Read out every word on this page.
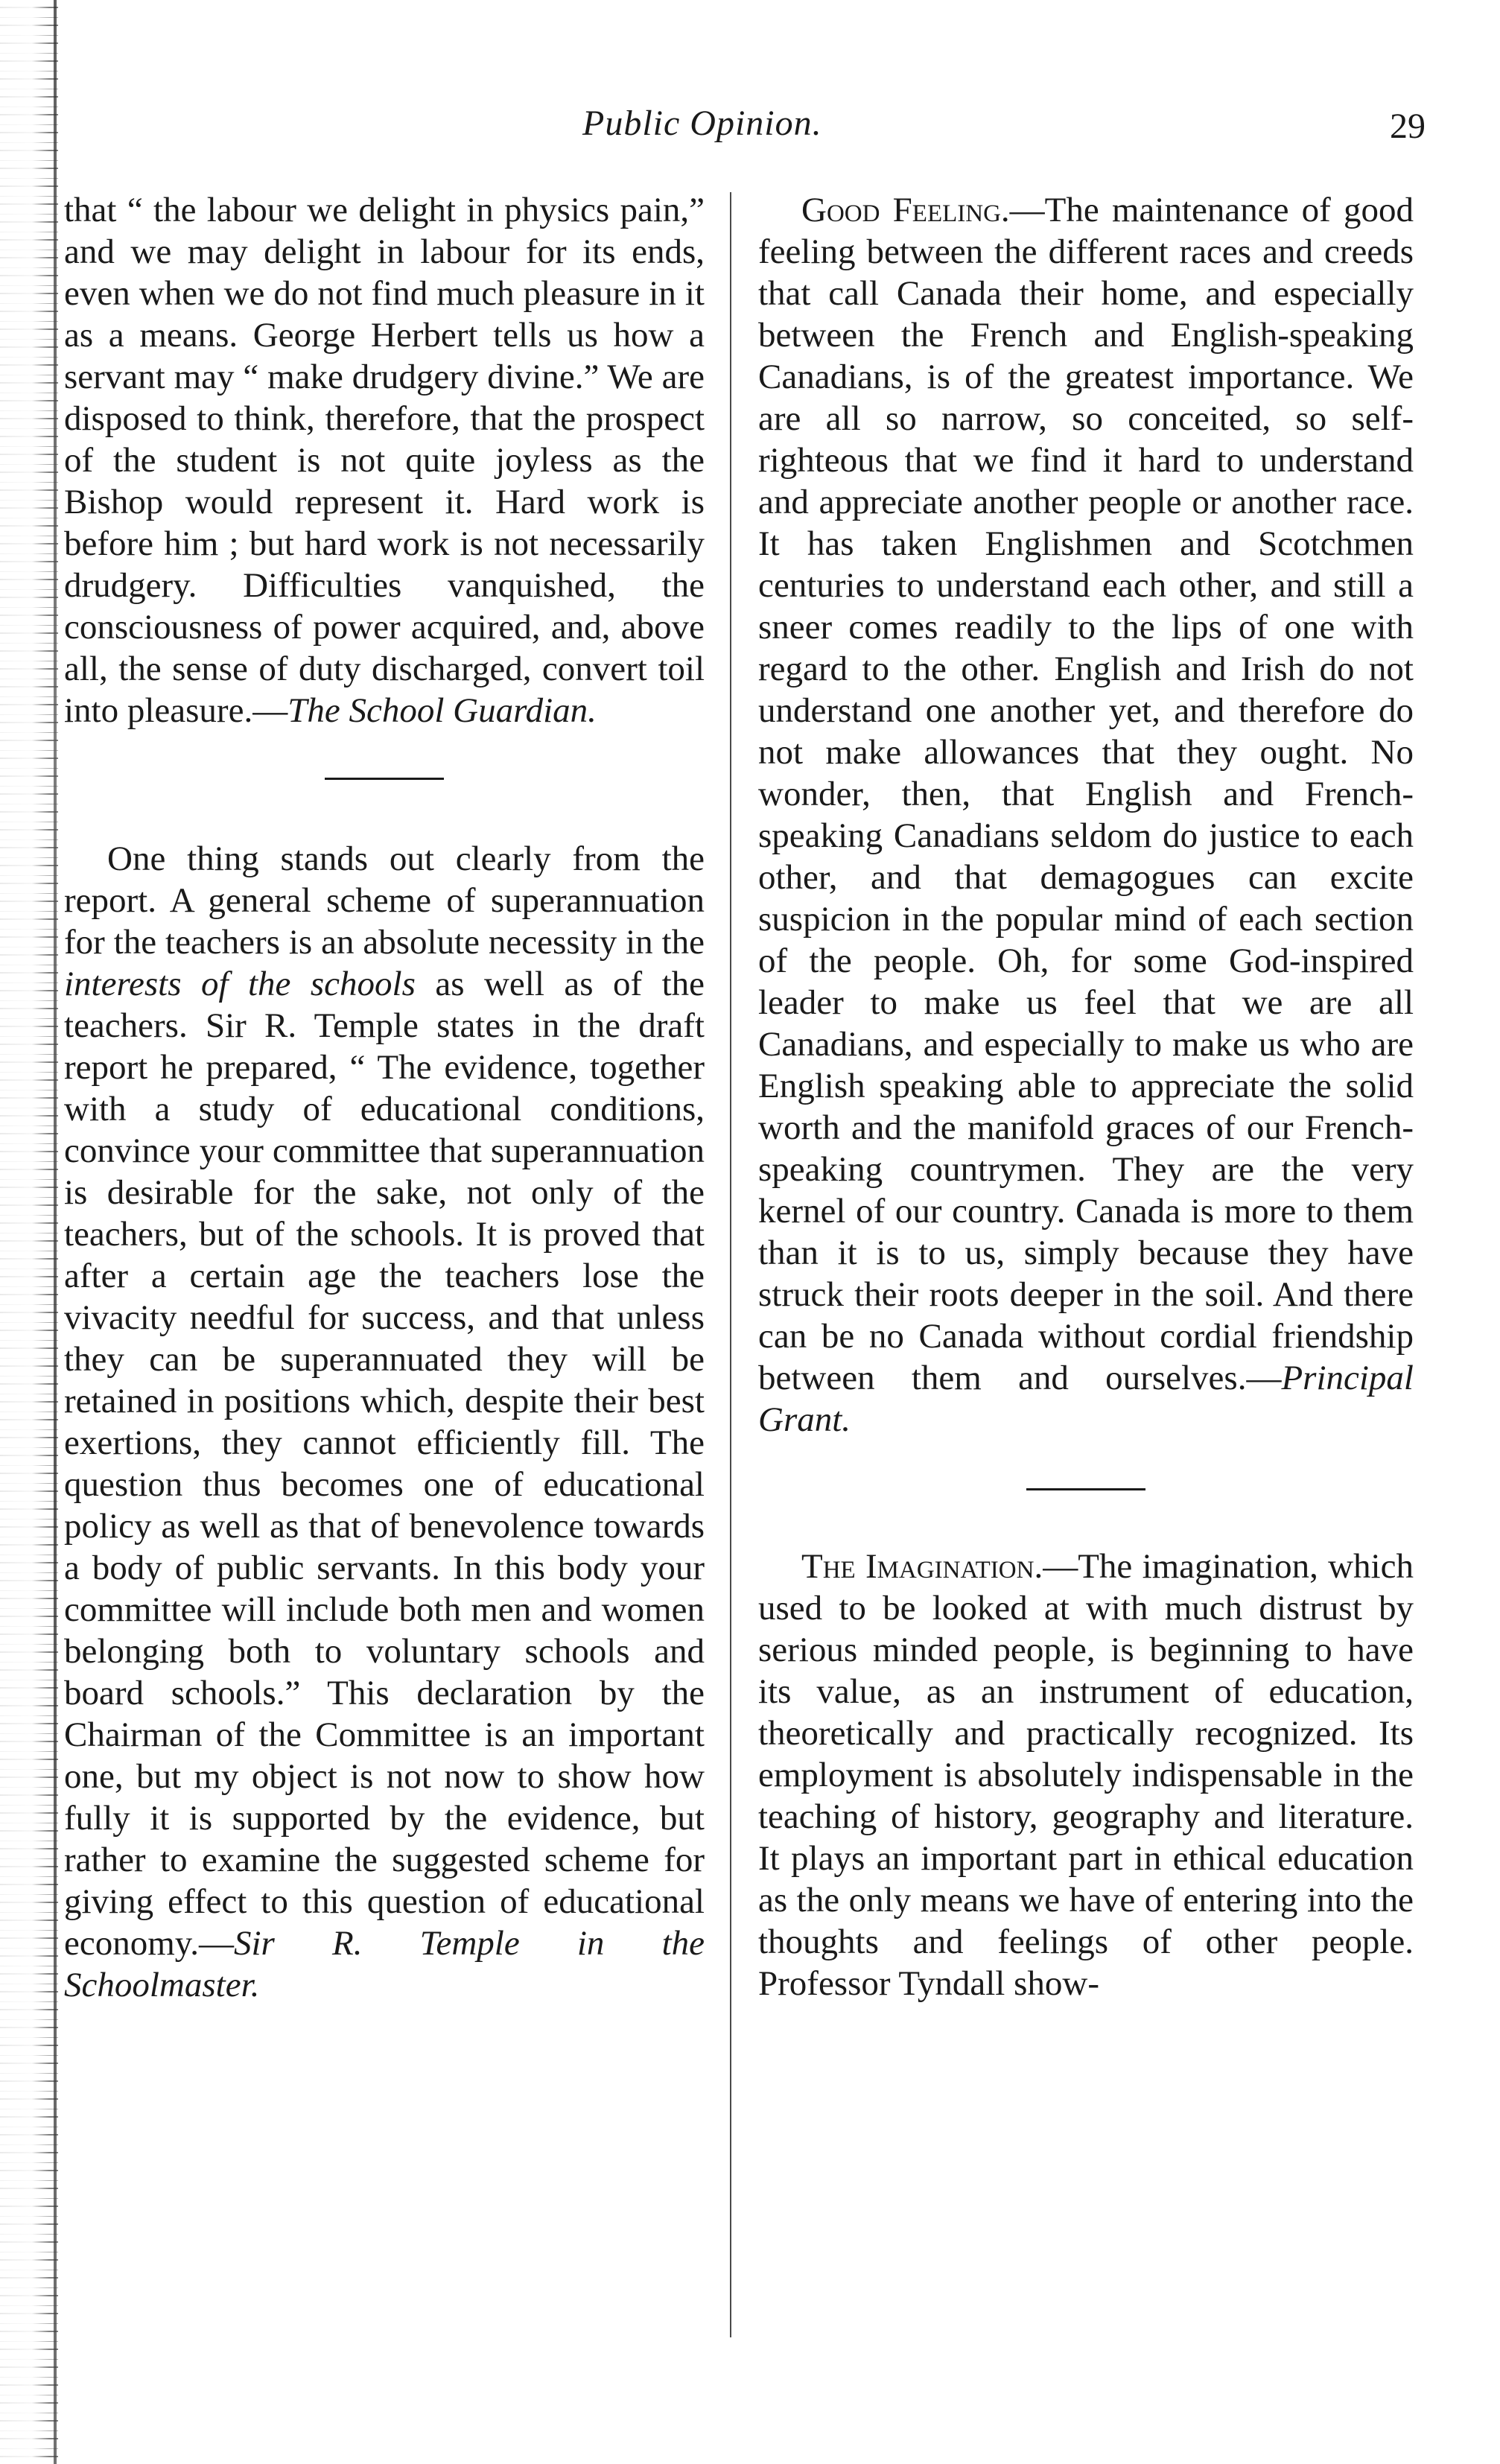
Public Opinion.	29

that “ the labour we delight in physics pain,” and we may delight in labour for its ends, even when we do not find much pleasure in it as a means. George Herbert tells us how a servant may “ make drudgery divine.” We are disposed to think, therefore, that the prospect of the student is not quite joyless as the Bishop would represent it. Hard work is before him ; but hard work is not necessarily drudgery. Difficulties vanquished, the consciousness of power acquired, and, above all, the sense of duty discharged, convert toil into pleasure.—The School Guardian.

One thing stands out clearly from the report. A general scheme of superannuation for the teachers is an absolute necessity in the interests of the schools as well as of the teachers. Sir R. Temple states in the draft report he prepared, “ The evidence, together with a study of educational conditions, convince your committee that superannuation is desirable for the sake, not only of the teachers, but of the schools. It is proved that after a certain age the teachers lose the vivacity needful for success, and that unless they can be superannuated they will be retained in positions which, despite their best exertions, they cannot efficiently fill. The question thus becomes one of educational policy as well as that of benevolence towards a body of public servants. In this body your committee will include both men and women belonging both to voluntary schools and board schools.” This declaration by the Chairman of the Committee is an important one, but my object is not now to show how fully it is supported by the evidence, but rather to examine the suggested scheme for giving effect to this question of educational economy.—Sir R. Temple in the Schoolmaster.

Good Feeling.—The maintenance of good feeling between the different races and creeds that call Canada their home, and especially between the French and English-speaking Canadians, is of the greatest importance. We are all so narrow, so conceited, so self-righteous that we find it hard to understand and appreciate another people or another race. It has taken Englishmen and Scotchmen centuries to understand each other, and still a sneer comes readily to the lips of one with regard to the other. English and Irish do not understand one another yet, and therefore do not make allowances that they ought. No wonder, then, that English and French-speaking Canadians seldom do justice to each other, and that demagogues can excite suspicion in the popular mind of each section of the people. Oh, for some God-inspired leader to make us feel that we are all Canadians, and especially to make us who are English speaking able to appreciate the solid worth and the manifold graces of our French-speaking countrymen. They are the very kernel of our country. Canada is more to them than it is to us, simply because they have struck their roots deeper in the soil. And there can be no Canada without cordial friendship between them and ourselves.—Principal Grant.

The Imagination.—The imagination, which used to be looked at with much distrust by serious minded people, is beginning to have its value, as an instrument of education, theoretically and practically recognized. Its employment is absolutely indispensable in the teaching of history, geography and literature. It plays an important part in ethical education as the only means we have of entering into the thoughts and feelings of other people. Professor Tyndall show-
